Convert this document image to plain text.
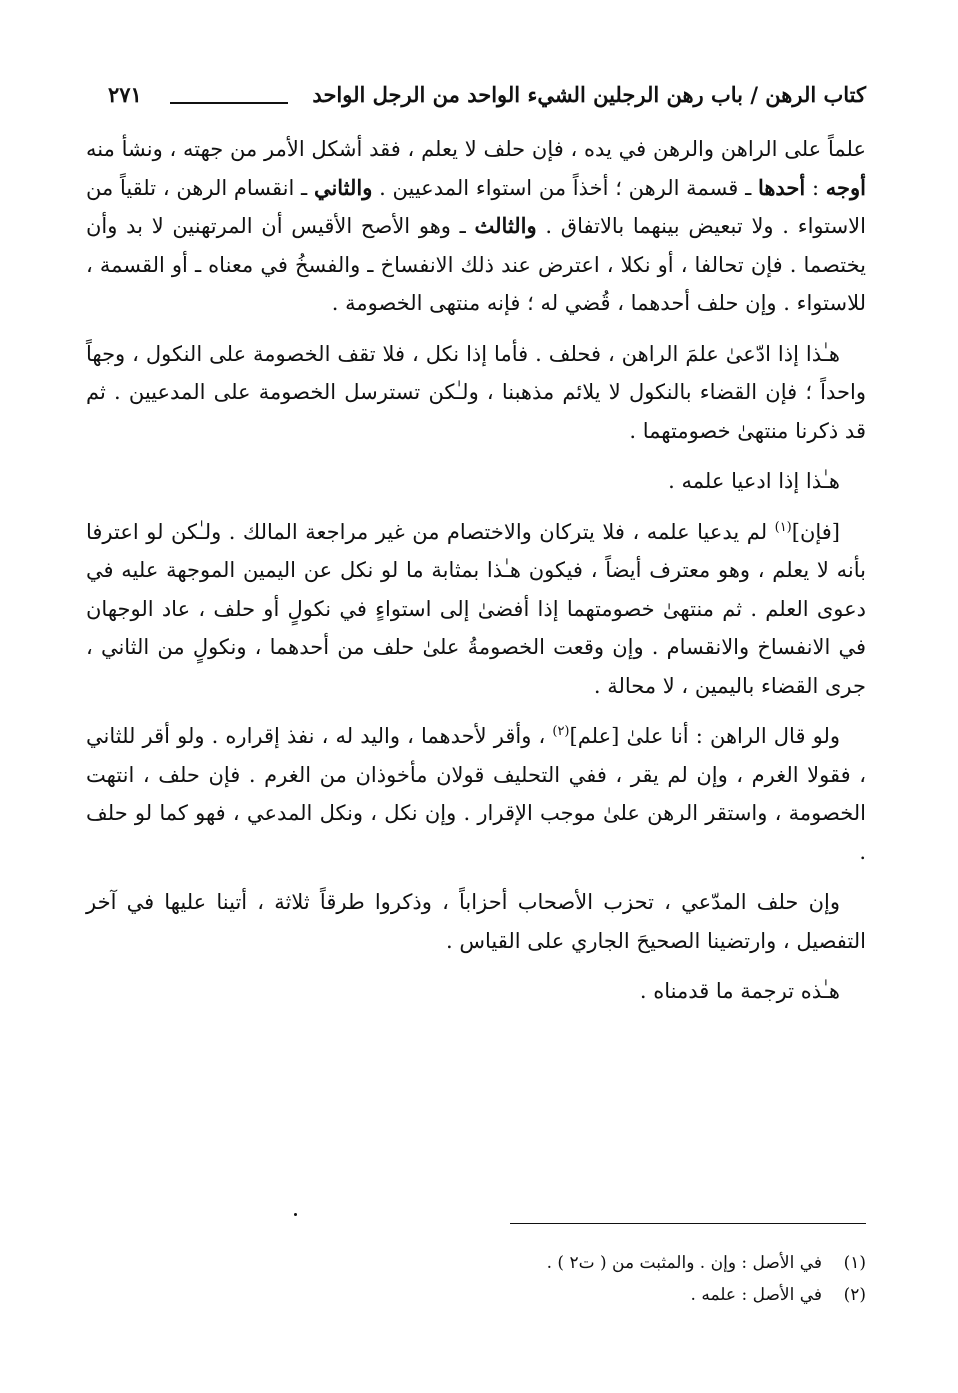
كتاب الرهن / باب رهن الرجلين الشيء الواحد من الرجل الواحد
٢٧١

علماً على الراهن والرهن في يده ، فإن حلف لا يعلم ، فقد أشكل الأمر من جهته ، ونشأ منه أوجه : أحدها ـ قسمة الرهن ؛ أخذاً من استواء المدعيين . والثاني ـ انقسام الرهن ، تلقياً من الاستواء . ولا تبعيض بينهما بالاتفاق . والثالث ـ وهو الأصح الأقيس أن المرتهنين لا بد وأن يختصما . فإن تحالفا ، أو نكلا ، اعترض عند ذلك الانفساخ ـ والفسخُ في معناه ـ أو القسمة ، للاستواء . وإن حلف أحدهما ، قُضي له ؛ فإنه منتهى الخصومة .

هـٰذا إذا ادّعىٰ علمَ الراهن ، فحلف . فأما إذا نكل ، فلا تقف الخصومة على النكول ، وجهاً واحداً ؛ فإن القضاء بالنكول لا يلائم مذهبنا ، ولـٰكن تسترسل الخصومة على المدعيين . ثم قد ذكرنا منتهىٰ خصومتهما .

هـٰذا إذا ادعيا علمه .

[فإن]$^{(١)}$ لم يدعيا علمه ، فلا يتركان والاختصام من غير مراجعة المالك . ولـٰكن لو اعترفا بأنه لا يعلم ، وهو معترف أيضاً ، فيكون هـٰذا بمثابة ما لو نكل عن اليمين الموجهة عليه في دعوى العلم . ثم منتهىٰ خصومتهما إذا أفضىٰ إلى استواءٍ في نكولٍ أو حلف ، عاد الوجهان في الانفساخ والانقسام . وإن وقعت الخصومةُ علىٰ حلف من أحدهما ، ونكولٍ من الثاني ، جرى القضاء باليمين ، لا محالة .

ولو قال الراهن : أنا علىٰ [علم]$^{(٢)}$ ، وأقر لأحدهما ، واليد له ، نفذ إقراره . ولو أقر للثاني ، فقولا الغرم ، وإن لم يقر ، ففي التحليف قولان مأخوذان من الغرم . فإن حلف ، انتهت الخصومة ، واستقر الرهن علىٰ موجب الإقرار . وإن نكل ، ونكل المدعي ، فهو كما لو حلف .

وإن حلف المدّعي ، تحزب الأصحاب أحزاباً ، وذكروا طرقاً ثلاثة ، أتينا عليها في آخر التفصيل ، وارتضينا الصحيحَ الجاري على القياس .

هـٰذه ترجمة ما قدمناه .

(١)في الأصل : وإن . والمثبت من ( ت٢ ) .
(٢)في الأصل : علمه .
